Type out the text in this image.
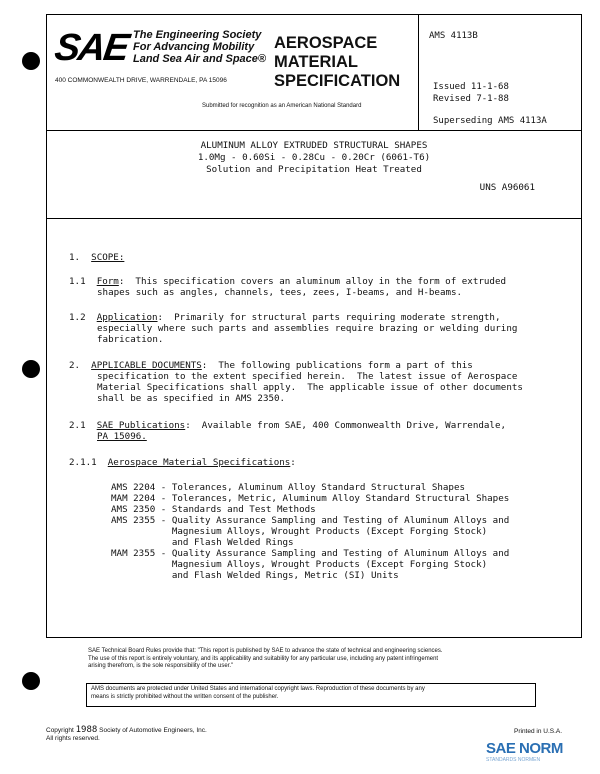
SAE The Engineering Society
For Advancing Mobility
Land Sea Air and Space®
400 COMMONWEALTH DRIVE, WARRENDALE, PA 15096
AEROSPACE
MATERIAL
SPECIFICATION
Submitted for recognition as an American National Standard
AMS 4113B
Issued 11-1-68
Revised 7-1-88
Superseding AMS 4113A
ALUMINUM ALLOY EXTRUDED STRUCTURAL SHAPES
1.0Mg - 0.60Si - 0.28Cu - 0.20Cr (6061-T6)
Solution and Precipitation Heat Treated
UNS A96061
1. SCOPE:
1.1 Form:  This specification covers an aluminum alloy in the form of extruded
shapes such as angles, channels, tees, zees, I-beams, and H-beams.
1.2 Application:  Primarily for structural parts requiring moderate strength,
especially where such parts and assemblies require brazing or welding during
fabrication.
2. APPLICABLE DOCUMENTS:  The following publications form a part of this
specification to the extent specified herein.  The latest issue of Aerospace
Material Specifications shall apply.  The applicable issue of other documents
shall be as specified in AMS 2350.
2.1 SAE Publications:  Available from SAE, 400 Commonwealth Drive, Warrendale,
PA 15096.
2.1.1 Aerospace Material Specifications:
AMS 2204 - Tolerances, Aluminum Alloy Standard Structural Shapes
MAM 2204 - Tolerances, Metric, Aluminum Alloy Standard Structural Shapes
AMS 2350 - Standards and Test Methods
AMS 2355 - Quality Assurance Sampling and Testing of Aluminum Alloys and
Magnesium Alloys, Wrought Products (Except Forging Stock)
and Flash Welded Rings
MAM 2355 - Quality Assurance Sampling and Testing of Aluminum Alloys and
Magnesium Alloys, Wrought Products (Except Forging Stock)
and Flash Welded Rings, Metric (SI) Units
SAE Technical Board Rules provide that: "This report is published by SAE to advance the state of technical and engineering sciences.
The use of this report is entirely voluntary, and its applicability and suitability for any particular use, including any patent infringement
arising therefrom, is the sole responsibility of the user."
AMS documents are protected under United States and international copyright laws. Reproduction of these documents by any
means is strictly prohibited without the written consent of the publisher.
Copyright 1988 Society of Automotive Engineers, Inc.
All rights reserved.
Printed in U.S.A.
SAE NORM
STANDARDS NORMEN
